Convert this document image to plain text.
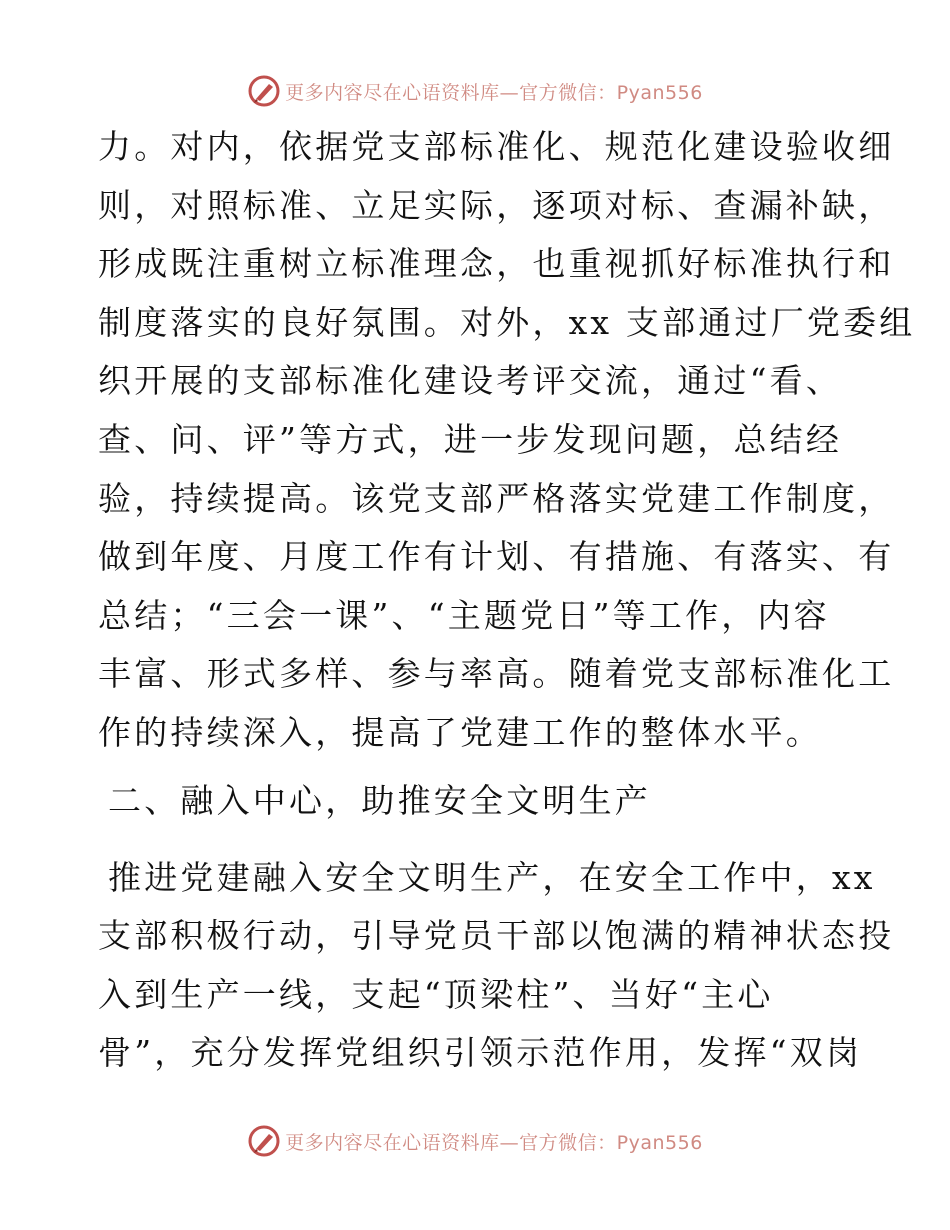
更多内容尽在心语资料库—官方微信：Pyan556
力。对内，依据党支部标准化、规范化建设验收细
则，对照标准、立足实际，逐项对标、查漏补缺，
形成既注重树立标准理念，也重视抓好标准执行和
制度落实的良好氛围。对外，xx 支部通过厂党委组
织开展的支部标准化建设考评交流，通过“看、
查、问、评”等方式，进一步发现问题，总结经
验，持续提高。该党支部严格落实党建工作制度，
做到年度、月度工作有计划、有措施、有落实、有
总结；“三会一课”、“主题党日”等工作，内容
丰富、形式多样、参与率高。随着党支部标准化工
作的持续深入，提高了党建工作的整体水平。
二、融入中心，助推安全文明生产
推进党建融入安全文明生产，在安全工作中，xx
支部积极行动，引导党员干部以饱满的精神状态投
入到生产一线，支起“顶梁柱”、当好“主心
骨”，充分发挥党组织引领示范作用，发挥“双岗
更多内容尽在心语资料库—官方微信：Pyan556
